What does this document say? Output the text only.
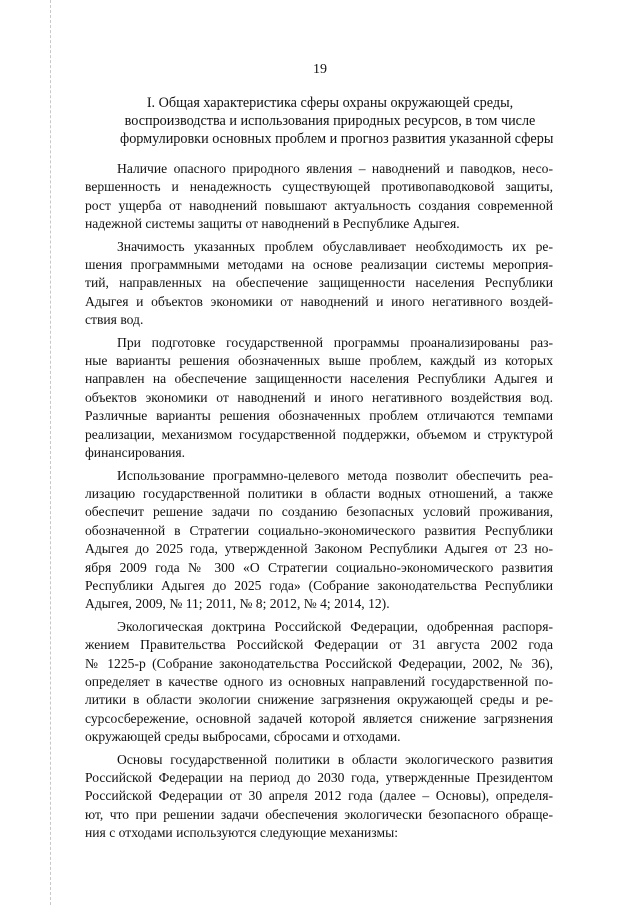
19
I. Общая характеристика сферы охраны окружающей среды,
воспроизводства и использования природных ресурсов, в том числе
формулировки основных проблем и прогноз развития указанной сферы
Наличие опасного природного явления – наводнений и паводков, несо-
вершенность и ненадежность существующей противопаводковой защиты,
рост ущерба от наводнений повышают актуальность создания современной
надежной системы защиты от наводнений в Республике Адыгея.
Значимость указанных проблем обуславливает необходимость их ре-
шения программными методами на основе реализации системы мероприя-
тий, направленных на обеспечение защищенности населения Республики
Адыгея и объектов экономики от наводнений и иного негативного воздей-
ствия вод.
При подготовке государственной программы проанализированы раз-
ные варианты решения обозначенных выше проблем, каждый из которых
направлен на обеспечение защищенности населения Республики Адыгея и
объектов экономики от наводнений и иного негативного воздействия вод.
Различные варианты решения обозначенных проблем отличаются темпами
реализации, механизмом государственной поддержки, объемом и структурой
финансирования.
Использование программно-целевого метода позволит обеспечить реа-
лизацию государственной политики в области водных отношений, а также
обеспечит решение задачи по созданию безопасных условий проживания,
обозначенной в Стратегии социально-экономического развития Республики
Адыгея до 2025 года, утвержденной Законом Республики Адыгея от 23 но-
ября 2009 года № 300 «О Стратегии социально-экономического развития
Республики Адыгея до 2025 года» (Собрание законодательства Республики
Адыгея, 2009, № 11; 2011, № 8; 2012, № 4; 2014, 12).
Экологическая доктрина Российской Федерации, одобренная распоря-
жением Правительства Российской Федерации от 31 августа 2002 года
№ 1225-р (Собрание законодательства Российской Федерации, 2002, № 36),
определяет в качестве одного из основных направлений государственной по-
литики в области экологии снижение загрязнения окружающей среды и ре-
сурсосбережение, основной задачей которой является снижение загрязнения
окружающей среды выбросами, сбросами и отходами.
Основы государственной политики в области экологического развития
Российской Федерации на период до 2030 года, утвержденные Президентом
Российской Федерации от 30 апреля 2012 года (далее – Основы), определя-
ют, что при решении задачи обеспечения экологически безопасного обраще-
ния с отходами используются следующие механизмы:
